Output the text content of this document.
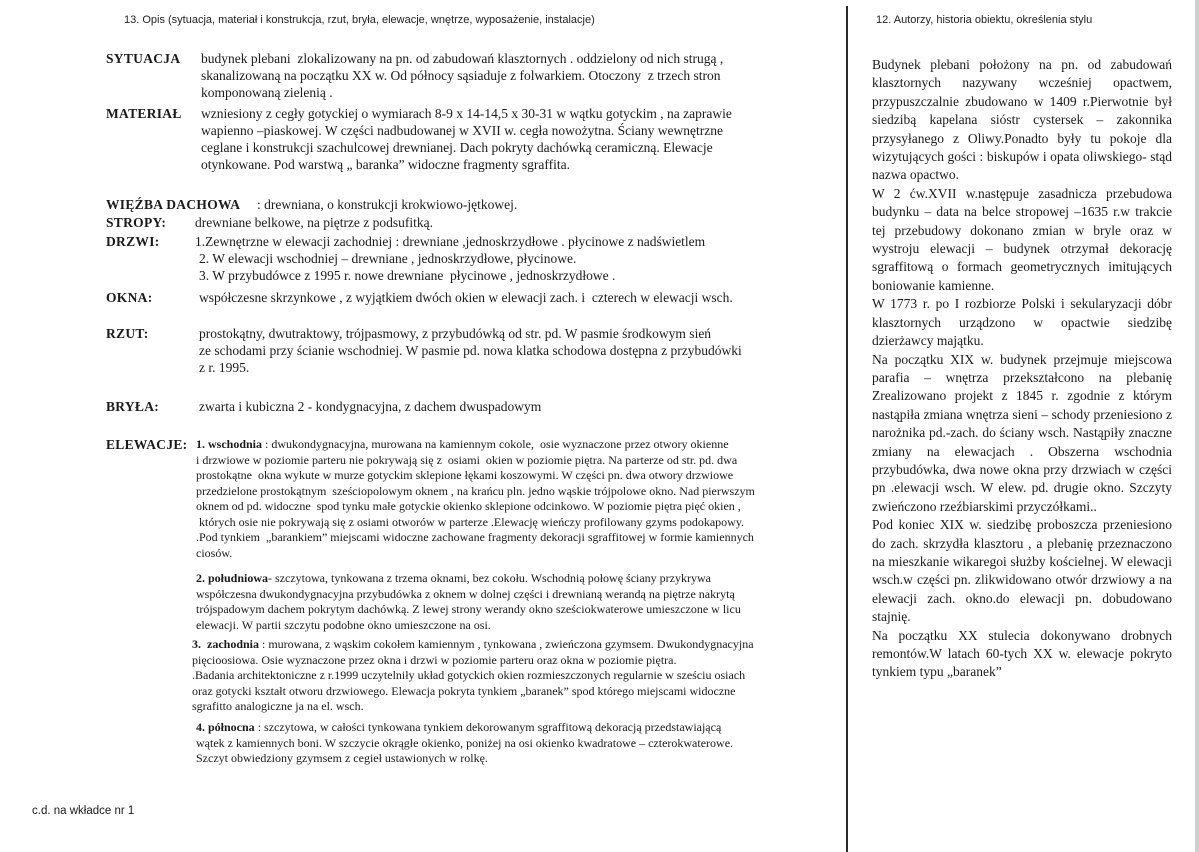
13. Opis (sytuacja, materiał i konstrukcja, rzut, bryła, elewacje, wnętrze, wyposażenie, instalacje)	12. Autorzy, historia obiektu, określenia stylu
SYTUACJA budynek plebani  zlokalizowany na pn. od zabudowań klasztornych . oddzielony od nich strugą ,
skanalizowaną na początku XX w. Od północy sąsiaduje z folwarkiem. Otoczony  z trzech stron
komponowaną zielenią .
MATERIAŁ wzniesiony z cegły gotyckiej o wymiarach 8-9 x 14-14,5 x 30-31 w wątku gotyckim , na zaprawie
wapienno –piaskowej. W części nadbudowanej w XVII w. cegła nowożytna. Ściany wewnętrzne
ceglane i konstrukcji szachulcowej drewnianej. Dach pokryty dachówką ceramiczną. Elewacje
otynkowane. Pod warstwą „ baranka” widoczne fragmenty sgraffita.
WIĘŹBA DACHOWA : drewniana, o konstrukcji krokwiowo-jętkowej.
STROPY: drewniane belkowe, na piętrze z podsufitką.
DRZWI:	1.Zewnętrzne w elewacji zachodniej : drewniane ,jednoskrzydłowe . płycinowe z nadświetlem
2. W elewacji wschodniej – drewniane , jednoskrzydłowe, płycinowe.
3. W przybudówce z 1995 r. nowe drewniane  płycinowe , jednoskrzydłowe .
OKNA:	współczesne skrzynkowe , z wyjątkiem dwóch okien w elewacji zach. i  czterech w elewacji wsch.
RZUT:	prostokątny, dwutraktowy, trójpasmowy, z przybudówką od str. pd. W pasmie środkowym sień
ze schodami przy ścianie wschodniej. W pasmie pd. nowa klatka schodowa dostępna z przybudówki
z r. 1995.
BRYŁA:	zwarta i kubiczna 2 - kondygnacyjna, z dachem dwuspadowym
ELEWACJE: 1. wschodnia : dwukondygnacyjna, murowana na kamiennym cokole,  osie wyznaczone przez otwory okienne
i drzwiowe w poziomie parteru nie pokrywają się z  osiami  okien w poziomie piętra. Na parterze od str. pd. dwa
prostokątne  okna wykute w murze gotyckim sklepione łękami koszowymi. W części pn. dwa otwory drzwiowe
przedzielone prostokątnym  sześciopolowym oknem , na krańcu pln. jedno wąskie trójpolowe okno. Nad pierwszym
oknem od pd. widoczne  spod tynku małe gotyckie okienko sklepione odcinkowo. W poziomie piętra pięć okien ,
których osie nie pokrywają się z osiami otworów w parterze .Elewację wieńczy profilowany gzyms podokapowy.
.Pod tynkiem  „barankiem” miejscami widoczne zachowane fragmenty dekoracji sgraffitowej w formie kamiennych
ciosów.
2. południowa- szczytowa, tynkowana z trzema oknami, bez cokołu. Wschodnią połowę ściany przykrywa
współczesna dwukondygnacyjna przybudówka z oknem w dolnej części i drewnianą werandą na piętrze nakrytą
trójspadowym dachem pokrytym dachówką. Z lewej strony werandy okno sześciokwaterowe umieszczone w licu
elewacji. W partii szczytu podobne okno umieszczone na osi.
3.  zachodnia : murowana, z wąskim cokołem kamiennym , tynkowana , zwieńczona gzymsem. Dwukondygnacyjna
pięcioosiowa. Osie wyznaczone przez okna i drzwi w poziomie parteru oraz okna w poziomie piętra.
.Badania architektoniczne z r.1999 uczytelniły układ gotyckich okien rozmieszczonych regularnie w sześciu osiach
oraz gotycki kształt otworu drzwiowego. Elewacja pokryta tynkiem „baranek” spod którego miejscami widoczne
sgrafitto analogiczne ja na el. wsch.
4. północna : szczytowa, w całości tynkowana tynkiem dekorowanym sgraffitową dekoracją przedstawiającą
wątek z kamiennych boni. W szczycie okrągłe okienko, poniżej na osi okienko kwadratowe – czterokwaterowe.
Szczyt obwiedziony gzymsem z cegieł ustawionych w rolkę.

Budynek plebani położony na pn. od zabudowań klasztornych nazywany wcześniej opactwem, przypuszczalnie zbudowano w 1409 r.Pierwotnie był siedzibą kapelana sióstr cystersek – zakonnika przysyłanego z Oliwy.Ponadto były tu pokoje dla wizytujących gości : biskupów i opata oliwskiego- stąd nazwa opactwo.

W 2 ćw.XVII w.następuje zasadnicza przebudowa budynku – data na belce stropowej –1635 r.w trakcie tej przebudowy dokonano zmian w bryle oraz w wystroju elewacji – budynek otrzymał dekorację sgraffitową o formach geometrycznych imitujących boniowanie kamienne.

W 1773 r. po I rozbiorze Polski i sekularyzacji dóbr klasztornych urządzono w opactwie siedzibę dzierżawcy majątku.

Na początku XIX w. budynek przejmuje miejscowa parafia – wnętrza przekształcono na plebanię Zrealizowano projekt z 1845 r. zgodnie z którym nastąpiła zmiana wnętrza sieni – schody przeniesiono z narożnika pd.-zach. do ściany wsch. Nastąpiły znaczne zmiany na elewacjach . Obszerna wschodnia przybudówka, dwa nowe okna przy drzwiach w części pn .elewacji wsch. W elew. pd. drugie okno. Szczyty zwieńczono rzeźbiarskimi przyczółkami..

Pod koniec XIX w. siedzibę proboszcza przeniesiono do zach. skrzydła klasztoru , a plebanię przeznaczono na mieszkanie wikaregoi służby kościelnej. W elewacji wsch.w części pn. zlikwidowano otwór drzwiowy a na elewacji zach. okno.do elewacji pn. dobudowano stajnię.

Na początku XX stulecia dokonywano drobnych remontów.W latach 60-tych XX w. elewacje pokryto tynkiem typu „baranek”

c.d. na wkładce nr 1
